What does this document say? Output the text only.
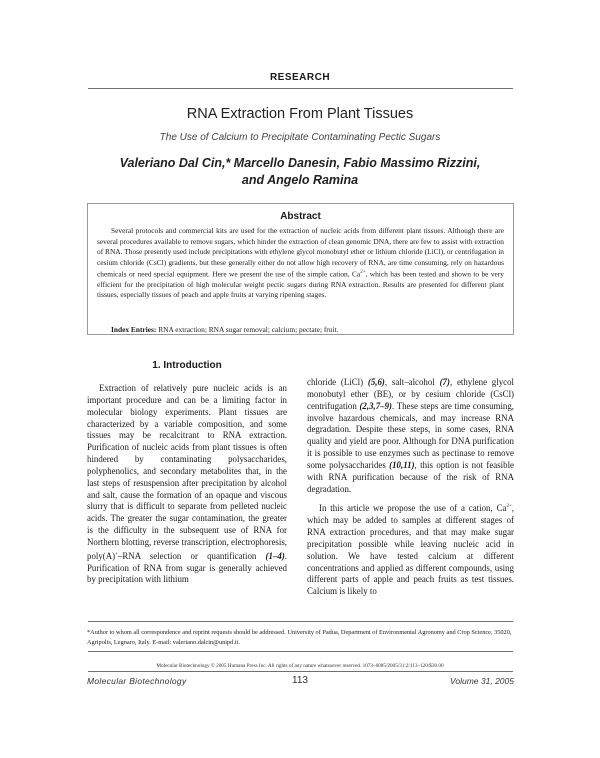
RESEARCH
RNA Extraction From Plant Tissues
The Use of Calcium to Precipitate Contaminating Pectic Sugars
Valeriano Dal Cin,* Marcello Danesin, Fabio Massimo Rizzini,
and Angelo Ramina
Abstract

Several protocols and commercial kits are used for the extraction of nucleic acids from different plant tissues. Although there are several procedures available to remove sugars, which hinder the extraction of clean genomic DNA, there are few to assist with extraction of RNA. Those presently used include precipitations with ethylene glycol monobutyl ether or lithium chloride (LiCl), or centrifugation in cesium chloride (CsCl) gradients, but these generally either do not allow high recovery of RNA, are time consuming, rely on hazardous chemicals or need special equipment. Here we present the use of the simple cation, $Ca^{2+}$, which has been tested and shown to be very efficient for the precipitation of high molecular weight pectic sugars during RNA extraction. Results are presented for different plant tissues, especially tissues of peach and apple fruits at varying ripening stages.

Index Entries: RNA extraction; RNA sugar removal; calcium; pectate; fruit.
1. Introduction

Extraction of relatively pure nucleic acids is an important procedure and can be a limiting factor in molecular biology experiments. Plant tissues are characterized by a variable composition, and some tissues may be recalcitrant to RNA extraction. Purification of nucleic acids from plant tissues is often hindered by contaminating polysaccharides, polyphenolics, and secondary metabolites that, in the last steps of resuspension after precipitation by alcohol and salt, cause the formation of an opaque and viscous slurry that is difficult to separate from pelleted nucleic acids. The greater the sugar contamination, the greater is the difficulty in the subsequent use of RNA for Northern blotting, reverse transcription, electrophoresis, poly(A)+–RNA selection or quantification (1–4). Purification of RNA from sugar is generally achieved by precipitation with lithium

chloride (LiCl) (5,6), salt–alcohol (7), ethylene glycol monobutyl ether (BE), or by cesium chloride (CsCl) centrifugation (2,3,7–9). These steps are time consuming, involve hazardous chemicals, and may increase RNA degradation. Despite these steps, in some cases, RNA quality and yield are poor. Although for DNA purification it is possible to use enzymes such as pectinase to remove some polysaccharides (10,11), this option is not feasible with RNA purification because of the risk of RNA degradation.

In this article we propose the use of a cation, $Ca^{2+}$, which may be added to samples at different stages of RNA extraction procedures, and that may make sugar precipitation possible while leaving nucleic acid in solution. We have tested calcium at different concentrations and applied as different compounds, using different parts of apple and peach fruits as test tissues. Calcium is likely to

*Author to whom all correspondence and reprint requests should be addressed. University of Padua, Department of Environmental Agronomy and Crop Science, 35020, Agripolis, Legnaro, Italy. E-mail: valeriano.dalcin@unipd.it.
Molecular Biotechnology © 2005 Humana Press Inc. All rights of any nature whatsoever reserved. 1073–6085/2005/31:2/113–120/$30.00
Molecular Biotechnology	113	Volume 31, 2005
